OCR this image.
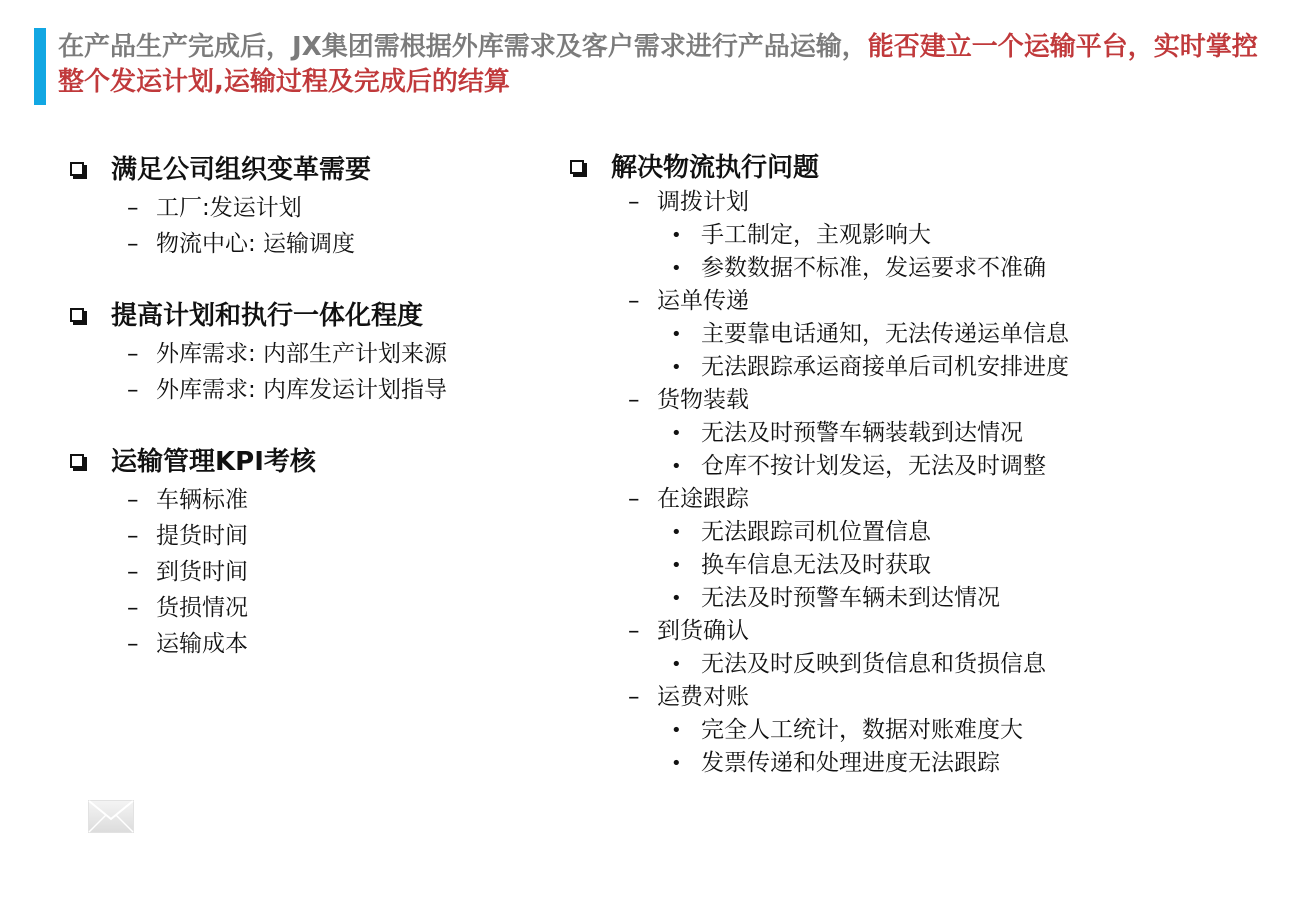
在产品生产完成后，JX集团需根据外库需求及客户需求进行产品运输，能否建立一个运输平台，实时掌控整个发运计划,运输过程及完成后的结算
满足公司组织变革需要
– 工厂:发运计划
– 物流中心: 运输调度
提高计划和执行一体化程度
– 外库需求: 内部生产计划来源
– 外库需求: 内库发运计划指导
运输管理KPI考核
– 车辆标准
– 提货时间
– 到货时间
– 货损情况
– 运输成本
解决物流执行问题
– 调拨计划
• 手工制定，主观影响大
• 参数数据不标准，发运要求不准确
– 运单传递
• 主要靠电话通知，无法传递运单信息
• 无法跟踪承运商接单后司机安排进度
– 货物装载
• 无法及时预警车辆装载到达情况
• 仓库不按计划发运，无法及时调整
– 在途跟踪
• 无法跟踪司机位置信息
• 换车信息无法及时获取
• 无法及时预警车辆未到达情况
– 到货确认
• 无法及时反映到货信息和货损信息
– 运费对账
• 完全人工统计，数据对账难度大
• 发票传递和处理进度无法跟踪
